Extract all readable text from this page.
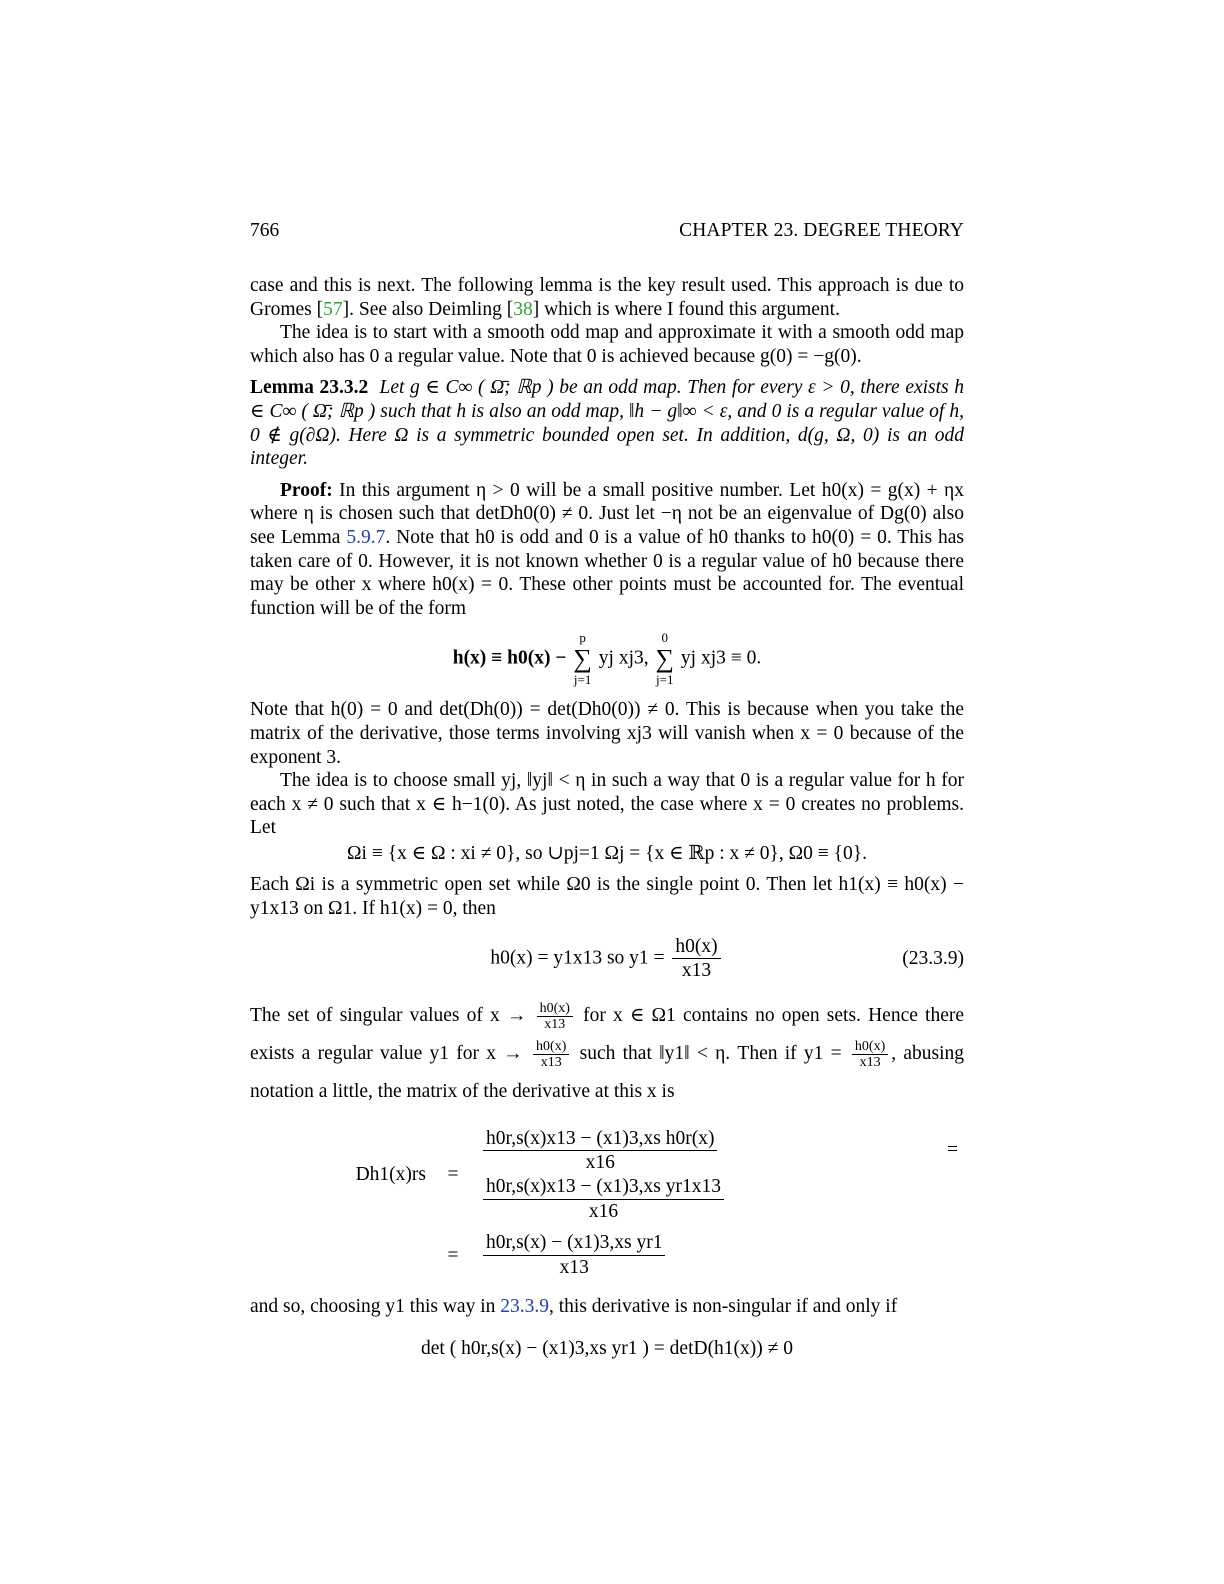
766	CHAPTER 23. DEGREE THEORY

case and this is next. The following lemma is the key result used. This approach is due to Gromes [57]. See also Deimling [38] which is where I found this argument.

The idea is to start with a smooth odd map and approximate it with a smooth odd map which also has 0 a regular value. Note that 0 is achieved because g(0) = −g(0).

Lemma 23.3.2 Let g ∈ C∞ ( Ω̄; ℝp ) be an odd map. Then for every ε > 0, there exists h ∈ C∞ ( Ω̄; ℝp ) such that h is also an odd map, ‖h − g‖∞ < ε, and 0 is a regular value of h, 0 ∉ g(∂Ω). Here Ω is a symmetric bounded open set. In addition, d(g, Ω, 0) is an odd integer.

Proof: In this argument η > 0 will be a small positive number. Let h0(x) = g(x) + ηx where η is chosen such that detDh0(0) ≠ 0. Just let −η not be an eigenvalue of Dg(0) also see Lemma 5.9.7. Note that h0 is odd and 0 is a value of h0 thanks to h0(0) = 0. This has taken care of 0. However, it is not known whether 0 is a regular value of h0 because there may be other x where h0(x) = 0. These other points must be accounted for. The eventual function will be of the form

h(x) ≡ h0(x) −
p
∑
j=1
yj xj3,
0
∑
j=1
yj xj3 ≡ 0.

Note that h(0) = 0 and det(Dh(0)) = det(Dh0(0)) ≠ 0. This is because when you take the matrix of the derivative, those terms involving xj3 will vanish when x = 0 because of the exponent 3.

The idea is to choose small yj, ‖yj‖ < η in such a way that 0 is a regular value for h for each x ≠ 0 such that x ∈ h−1(0). As just noted, the case where x = 0 creates no problems. Let

Ωi ≡ {x ∈ Ω : xi ≠ 0}, so ∪pj=1 Ωj = {x ∈ ℝp : x ≠ 0}, Ω0 ≡ {0}.

Each Ωi is a symmetric open set while Ω0 is the single point 0. Then let h1(x) ≡ h0(x) − y1x13 on Ω1. If h1(x) = 0, then

h0(x) = y1x13 so $y1 = \frac{h0(x)}{x13}$	(23.3.9)

The set of singular values of $x \to \frac{h0(x)}{x13}$ for x ∈ Ω1 contains no open sets. Hence there exists a regular value y1 for $x \to \frac{h0(x)}{x13}$ such that ‖y1‖ < η. Then if $y1 = \frac{h0(x)}{x13}$ , abusing notation a little, the matrix of the derivative at this x is

Dh1(x)rs	=	$\frac{\text{h0r,s(x)x13 − (x1)3,xs h0r(x)}}{x16}$ =
$\frac{\text{h0r,s(x)x13 − (x1)3,xs yr1x13}}{x16}$

	=	$\frac{\text{h0r,s(x) − (x1)3,xs yr1}}{x13}$

and so, choosing y1 this way in 23.3.9, this derivative is non-singular if and only if

det ( h0r,s(x) − (x1)3,xs yr1 ) = detD(h1(x)) ≠ 0
